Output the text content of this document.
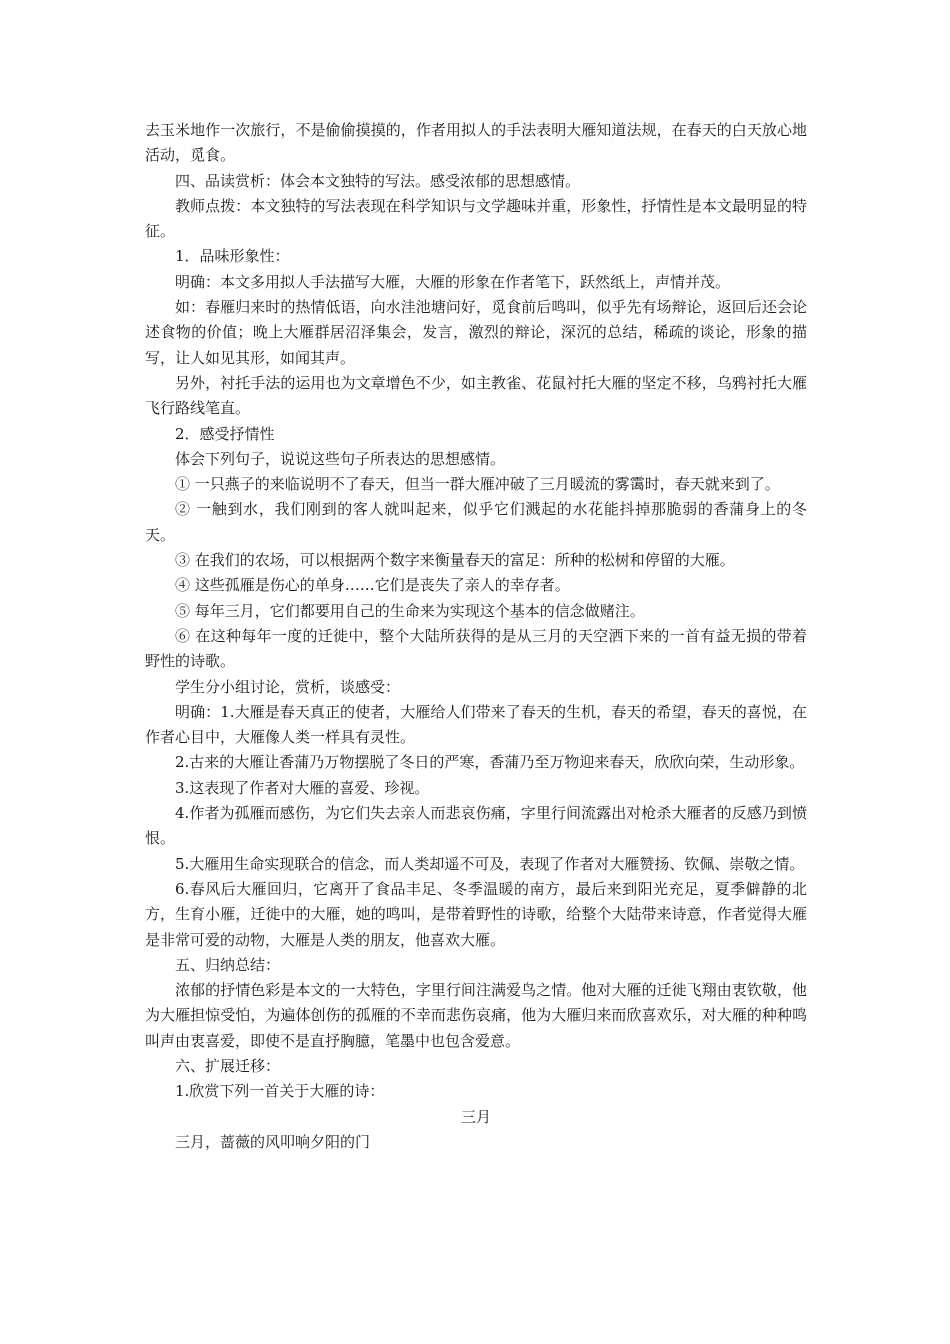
去玉米地作一次旅行，不是偷偷摸摸的，作者用拟人的手法表明大雁知道法规，在春天的白天放心地活动，觅食。

四、品读赏析：体会本文独特的写法。感受浓郁的思想感情。

教师点拨：本文独特的写法表现在科学知识与文学趣味并重，形象性，抒情性是本文最明显的特征。

1．品味形象性：

明确：本文多用拟人手法描写大雁，大雁的形象在作者笔下，跃然纸上，声情并茂。

如：春雁归来时的热情低语，向水洼池塘问好，觅食前后鸣叫，似乎先有场辩论，返回后还会论述食物的价值；晚上大雁群居沼泽集会，发言，激烈的辩论，深沉的总结，稀疏的谈论，形象的描写，让人如见其形，如闻其声。

另外，衬托手法的运用也为文章增色不少，如主教雀、花鼠衬托大雁的坚定不移，乌鸦衬托大雁飞行路线笔直。

2．感受抒情性

体会下列句子，说说这些句子所表达的思想感情。

① 一只燕子的来临说明不了春天，但当一群大雁冲破了三月暖流的雾霭时，春天就来到了。

② 一触到水，我们刚到的客人就叫起来，似乎它们溅起的水花能抖掉那脆弱的香蒲身上的冬天。

③ 在我们的农场，可以根据两个数字来衡量春天的富足：所种的松树和停留的大雁。

④ 这些孤雁是伤心的单身……它们是丧失了亲人的幸存者。

⑤ 每年三月，它们都要用自己的生命来为实现这个基本的信念做赌注。

⑥ 在这种每年一度的迁徙中，整个大陆所获得的是从三月的天空洒下来的一首有益无损的带着野性的诗歌。

学生分小组讨论，赏析，谈感受：

明确：1.大雁是春天真正的使者，大雁给人们带来了春天的生机，春天的希望，春天的喜悦，在作者心目中，大雁像人类一样具有灵性。

2.古来的大雁让香蒲乃万物摆脱了冬日的严寒，香蒲乃至万物迎来春天，欣欣向荣，生动形象。

3.这表现了作者对大雁的喜爱、珍视。

4.作者为孤雁而感伤，为它们失去亲人而悲哀伤痛，字里行间流露出对枪杀大雁者的反感乃到愤恨。

5.大雁用生命实现联合的信念，而人类却遥不可及，表现了作者对大雁赞扬、钦佩、崇敬之情。

6.春风后大雁回归，它离开了食品丰足、冬季温暖的南方，最后来到阳光充足，夏季僻静的北方，生育小雁，迁徙中的大雁，她的鸣叫，是带着野性的诗歌，给整个大陆带来诗意，作者觉得大雁是非常可爱的动物，大雁是人类的朋友，他喜欢大雁。

五、归纳总结：

浓郁的抒情色彩是本文的一大特色，字里行间注满爱鸟之情。他对大雁的迁徙飞翔由衷钦敬，他为大雁担惊受怕，为遍体创伤的孤雁的不幸而悲伤哀痛，他为大雁归来而欣喜欢乐，对大雁的种种鸣叫声由衷喜爱，即使不是直抒胸臆，笔墨中也包含爱意。

六、扩展迁移：

1.欣赏下列一首关于大雁的诗：

三月

三月，蔷薇的风叩响夕阳的门
